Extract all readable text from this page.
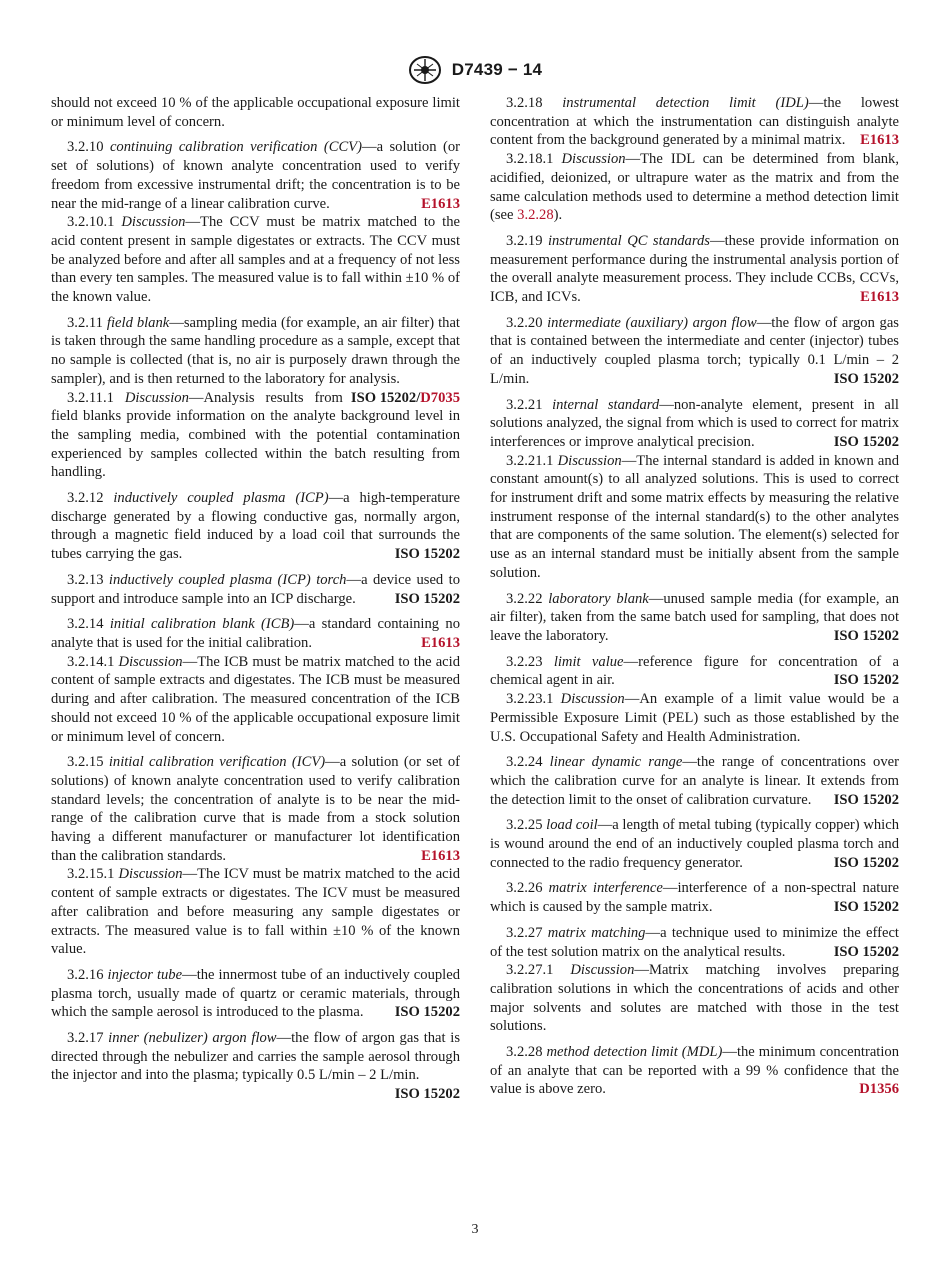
D7439 − 14

should not exceed 10 % of the applicable occupational exposure limit or minimum level of concern.

3.2.10 continuing calibration verification (CCV)—a solution (or set of solutions) of known analyte concentration used to verify freedom from excessive instrumental drift; the concentration is to be near the mid-range of a linear calibration curve.	E1613

3.2.10.1 Discussion—The CCV must be matrix matched to the acid content present in sample digestates or extracts. The CCV must be analyzed before and after all samples and at a frequency of not less than every ten samples. The measured value is to fall within ±10 % of the known value.

3.2.11 field blank—sampling media (for example, an air filter) that is taken through the same handling procedure as a sample, except that no sample is collected (that is, no air is purposely drawn through the sampler), and is then returned to the laboratory for analysis.
ISO 15202/D7035

3.2.11.1 Discussion—Analysis results from field blanks provide information on the analyte background level in the sampling media, combined with the potential contamination experienced by samples collected within the batch resulting from handling.

3.2.12 inductively coupled plasma (ICP)—a high-temperature discharge generated by a flowing conductive gas, normally argon, through a magnetic field induced by a load coil that surrounds the tubes carrying the gas.	ISO 15202

3.2.13 inductively coupled plasma (ICP) torch—a device used to support and introduce sample into an ICP discharge.	ISO 15202

3.2.14 initial calibration blank (ICB)—a standard containing no analyte that is used for the initial calibration.	E1613

3.2.14.1 Discussion—The ICB must be matrix matched to the acid content of sample extracts and digestates. The ICB must be measured during and after calibration. The measured concentration of the ICB should not exceed 10 % of the applicable occupational exposure limit or minimum level of concern.

3.2.15 initial calibration verification (ICV)—a solution (or set of solutions) of known analyte concentration used to verify calibration standard levels; the concentration of analyte is to be near the mid-range of the calibration curve that is made from a stock solution having a different manufacturer or manufacturer lot identification than the calibration standards.	E1613

3.2.15.1 Discussion—The ICV must be matrix matched to the acid content of sample extracts or digestates. The ICV must be measured after calibration and before measuring any sample digestates or extracts. The measured value is to fall within ±10 % of the known value.

3.2.16 injector tube—the innermost tube of an inductively coupled plasma torch, usually made of quartz or ceramic materials, through which the sample aerosol is introduced to the plasma. ISO 15202

3.2.17 inner (nebulizer) argon flow—the flow of argon gas that is directed through the nebulizer and carries the sample aerosol through the injector and into the plasma; typically 0.5 L/min – 2 L/min.
ISO 15202

3.2.18 instrumental detection limit (IDL)—the lowest concentration at which the instrumentation can distinguish analyte content from the background generated by a minimal matrix. E1613

3.2.18.1 Discussion—The IDL can be determined from blank, acidified, deionized, or ultrapure water as the matrix and from the same calculation methods used to determine a method detection limit (see 3.2.28).

3.2.19 instrumental QC standards—these provide information on measurement performance during the instrumental analysis portion of the overall analyte measurement process. They include CCBs, CCVs, ICB, and ICVs.	E1613

3.2.20 intermediate (auxiliary) argon flow—the flow of argon gas that is contained between the intermediate and center (injector) tubes of an inductively coupled plasma torch; typically 0.1 L/min – 2 L/min.	ISO 15202

3.2.21 internal standard—non-analyte element, present in all solutions analyzed, the signal from which is used to correct for matrix interferences or improve analytical precision.	ISO 15202

3.2.21.1 Discussion—The internal standard is added in known and constant amount(s) to all analyzed solutions. This is used to correct for instrument drift and some matrix effects by measuring the relative instrument response of the internal standard(s) to the other analytes that are components of the same solution. The element(s) selected for use as an internal standard must be initially absent from the sample solution.

3.2.22 laboratory blank—unused sample media (for example, an air filter), taken from the same batch used for sampling, that does not leave the laboratory.	ISO 15202

3.2.23 limit value—reference figure for concentration of a chemical agent in air.	ISO 15202

3.2.23.1 Discussion—An example of a limit value would be a Permissible Exposure Limit (PEL) such as those established by the U.S. Occupational Safety and Health Administration.

3.2.24 linear dynamic range—the range of concentrations over which the calibration curve for an analyte is linear. It extends from the detection limit to the onset of calibration curvature. ISO 15202

3.2.25 load coil—a length of metal tubing (typically copper) which is wound around the end of an inductively coupled plasma torch and connected to the radio frequency generator.	ISO 15202

3.2.26 matrix interference—interference of a non-spectral nature which is caused by the sample matrix.	ISO 15202

3.2.27 matrix matching—a technique used to minimize the effect of the test solution matrix on the analytical results.	ISO 15202

3.2.27.1 Discussion—Matrix matching involves preparing calibration solutions in which the concentrations of acids and other major solvents and solutes are matched with those in the test solutions.

3.2.28 method detection limit (MDL)—the minimum concentration of an analyte that can be reported with a 99 % confidence that the value is above zero.	D1356

3
